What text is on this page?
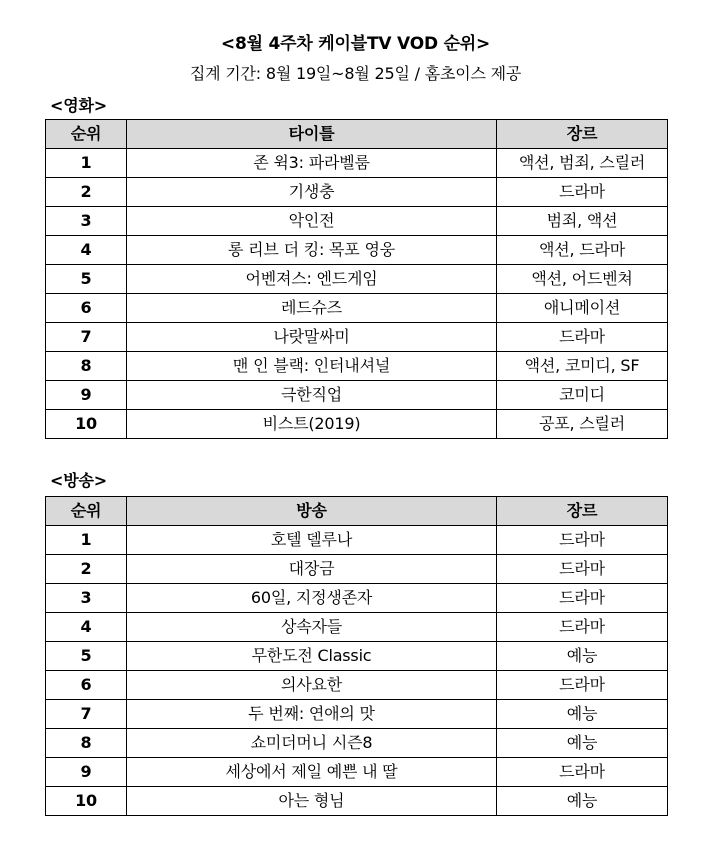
<8월 4주차 케이블TV VOD 순위>
집계 기간: 8월 19일~8월 25일 / 홈초이스 제공
<영화>
순위	타이틀	장르
1	존 윅3: 파라벨룸	액션, 범죄, 스릴러
2	기생충	드라마
3	악인전	범죄, 액션
4	롱 리브 더 킹: 목포 영웅	액션, 드라마
5	어벤져스: 엔드게임	액션, 어드벤쳐
6	레드슈즈	애니메이션
7	나랏말싸미	드라마
8	맨 인 블랙: 인터내셔널	액션, 코미디, SF
9	극한직업	코미디
10	비스트(2019)	공포, 스릴러
<방송>
순위	방송	장르
1	호텔 델루나	드라마
2	대장금	드라마
3	60일, 지정생존자	드라마
4	상속자들	드라마
5	무한도전 Classic	예능
6	의사요한	드라마
7	두 번째: 연애의 맛	예능
8	쇼미더머니 시즌8	예능
9	세상에서 제일 예쁜 내 딸	드라마
10	아는 형님	예능
